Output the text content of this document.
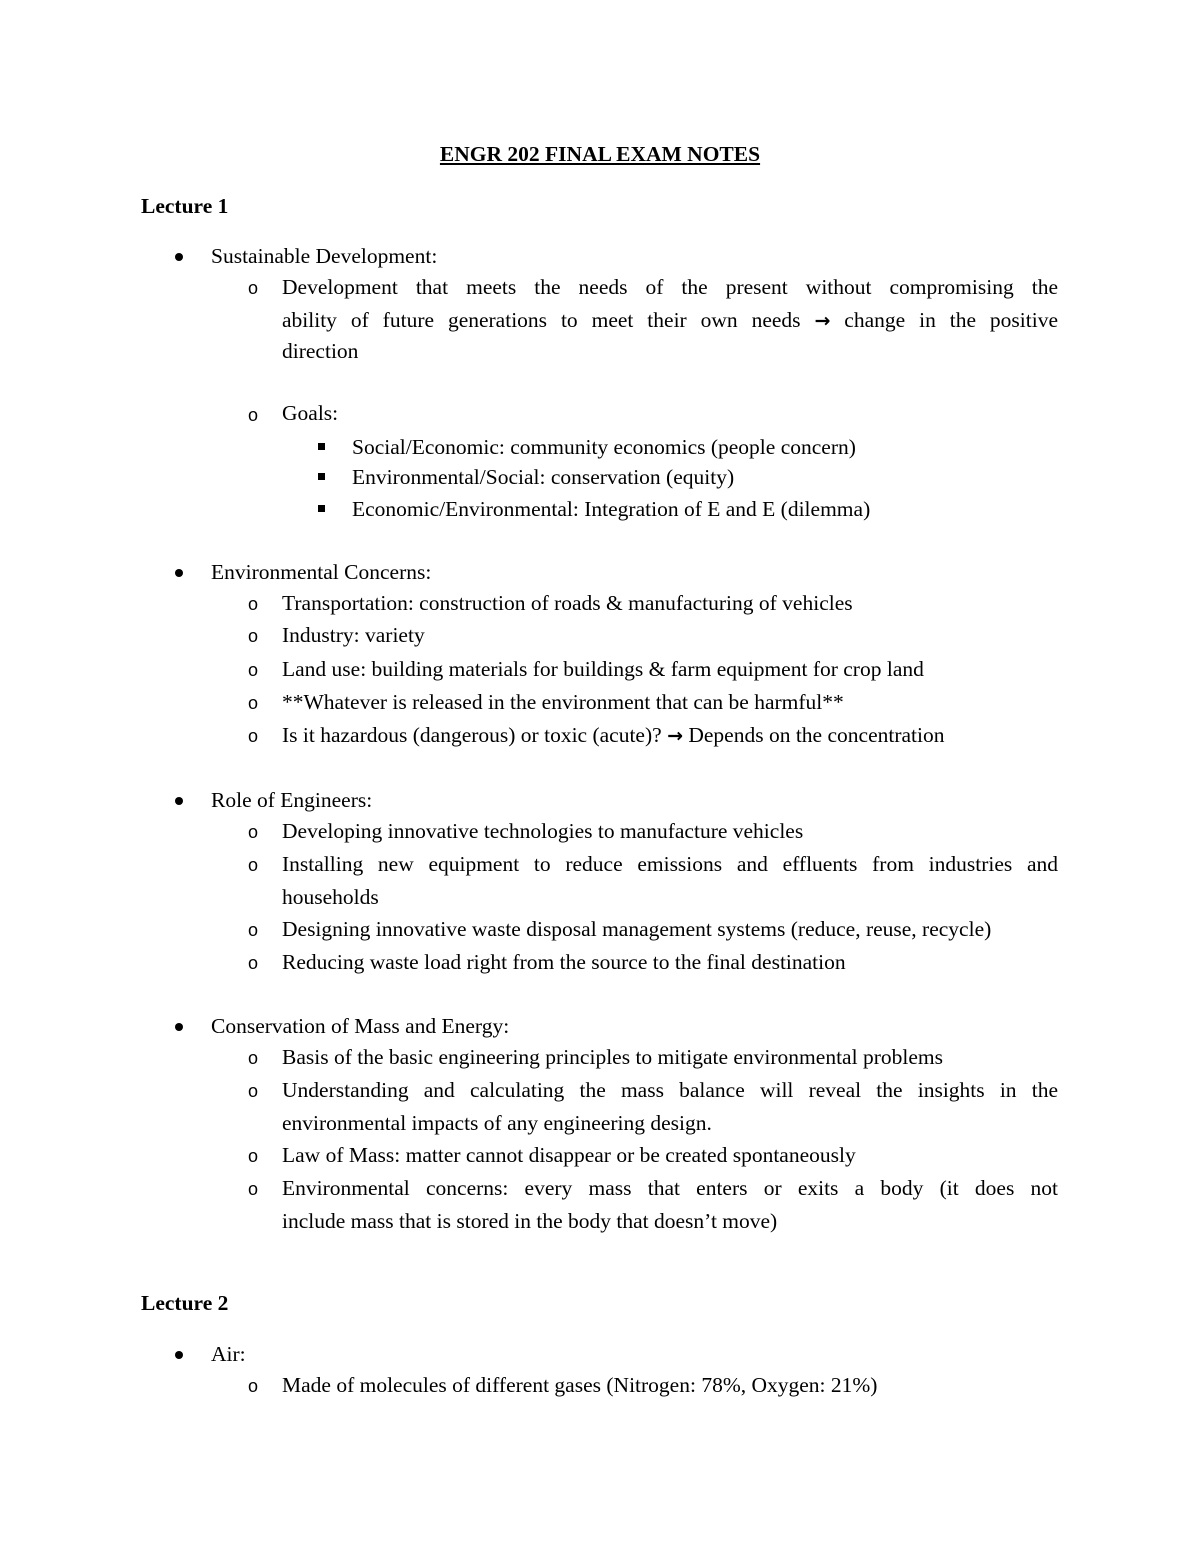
ENGR 202 FINAL EXAM NOTES
Lecture 1
Sustainable Development:
o Development that meets the needs of the present without compromising the
ability of future generations to meet their own needs → change in the positive
direction
o Goals:
Social/Economic: community economics (people concern)
Environmental/Social: conservation (equity)
Economic/Environmental: Integration of E and E (dilemma)
Environmental Concerns:
o Transportation: construction of roads & manufacturing of vehicles
o Industry: variety
o Land use: building materials for buildings & farm equipment for crop land
o **Whatever is released in the environment that can be harmful**
o Is it hazardous (dangerous) or toxic (acute)? → Depends on the concentration
Role of Engineers:
o Developing innovative technologies to manufacture vehicles
o Installing new equipment to reduce emissions and effluents from industries and
households
o Designing innovative waste disposal management systems (reduce, reuse, recycle)
o Reducing waste load right from the source to the final destination
Conservation of Mass and Energy:
o Basis of the basic engineering principles to mitigate environmental problems
o Understanding and calculating the mass balance will reveal the insights in the
environmental impacts of any engineering design.
o Law of Mass: matter cannot disappear or be created spontaneously
o Environmental concerns: every mass that enters or exits a body (it does not
include mass that is stored in the body that doesn’t move)
Lecture 2
Air:
o Made of molecules of different gases (Nitrogen: 78%, Oxygen: 21%)
